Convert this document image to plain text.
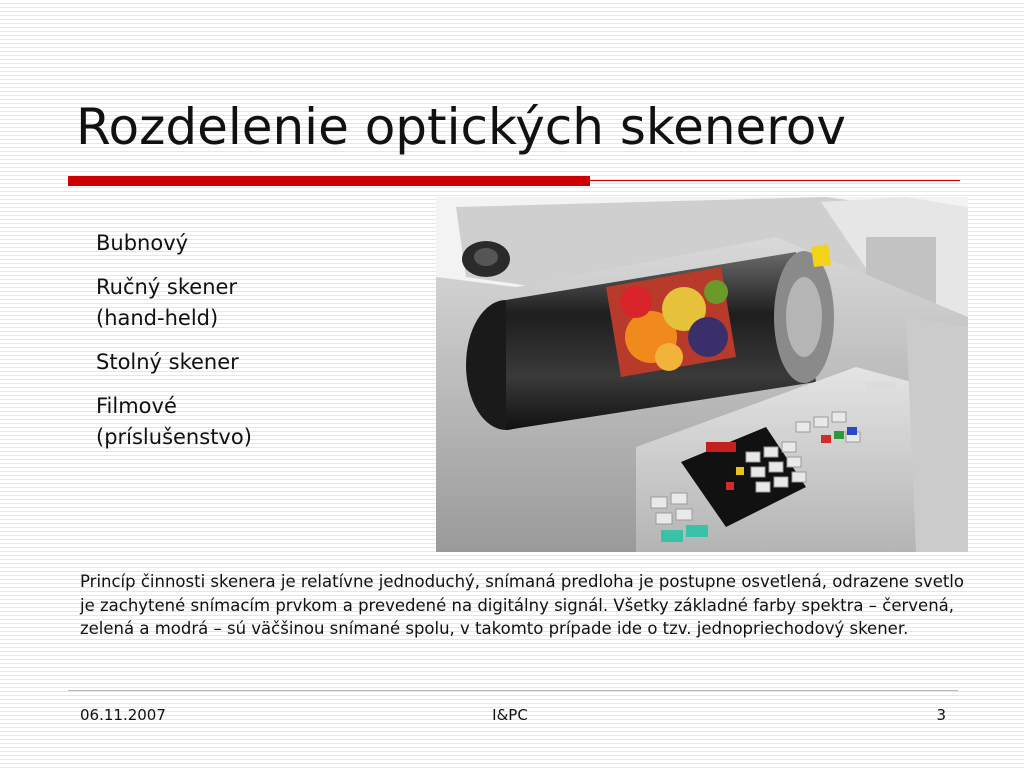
Rozdelenie optických skenerov
Bubnový
Ručný skener
(hand-held)
Stolný skener
Filmové
(príslušenstvo)

Princíp činnosti skenera je relatívne jednoduchý, snímaná predloha je postupne osvetlená, odrazene svetlo je zachytené snímacím prvkom a prevedené na digitálny signál. Všetky základné farby spektra – červená, zelená a modrá – sú väčšinou snímané spolu, v takomto prípade ide o tzv. jednopriechodový skener.

06.11.2007	I&PC	3
